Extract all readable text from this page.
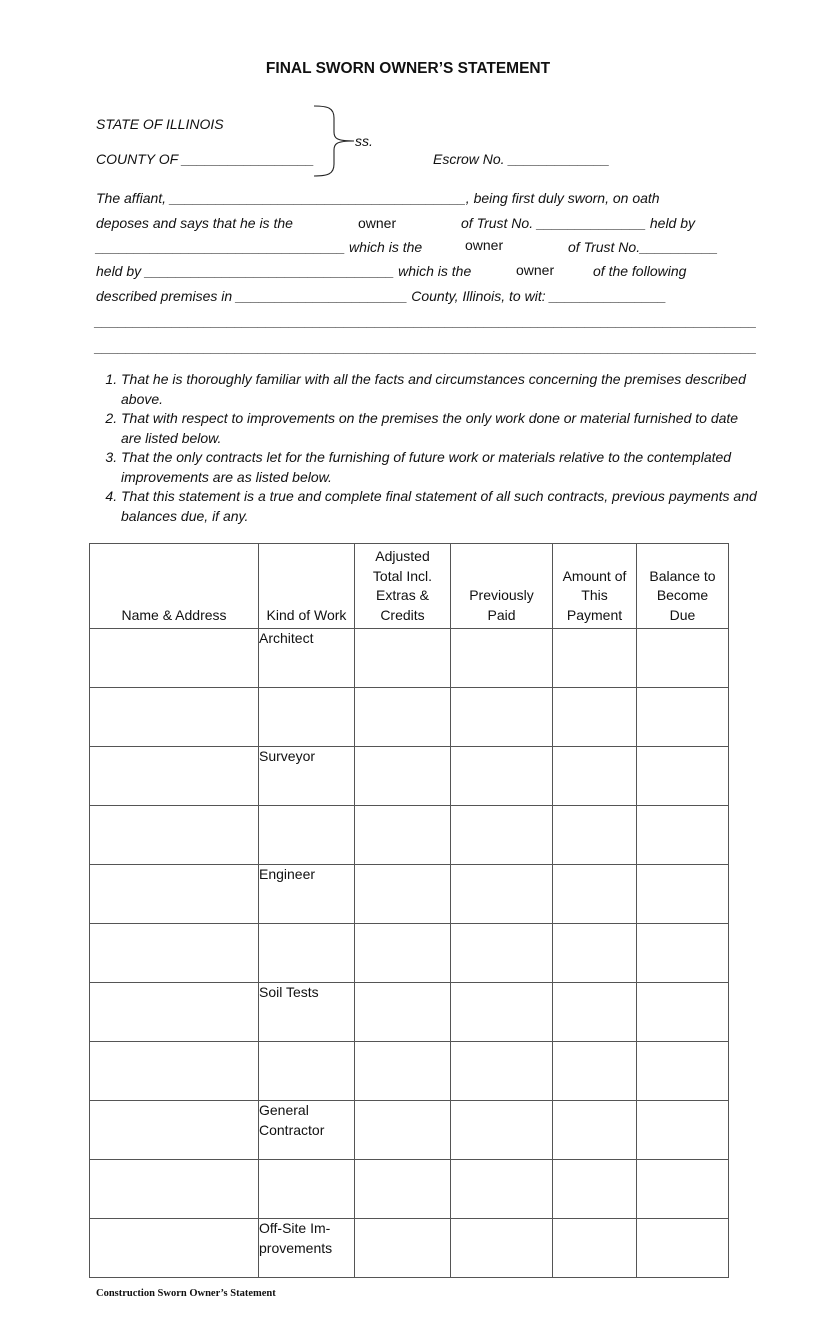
FINAL SWORN OWNER’S STATEMENT
STATE OF ILLINOIS
COUNTY OF _________________
ss.
Escrow No. _____________
The affiant, ______________________________________, being first duly sworn, on oath
deposes and says that he is the	owner	of Trust No. ______________ held by
________________________________ which is the	owner	of Trust No.__________
held by ________________________________ which is the	owner	of the following
described premises in ______________________ County, Illinois, to wit: _______________
_____________________________________________________________________________________
_____________________________________________________________________________________
1. That he is thoroughly familiar with all the facts and circumstances concerning the premises described above.
2. That with respect to improvements on the premises the only work done or material furnished to date are listed below.
3. That the only contracts let for the furnishing of future work or materials relative to the contemplated improvements are as listed below.
4. That this statement is a true and complete final statement of all such contracts, previous payments and balances due, if any.
Name & Address	Kind of Work	Adjusted Total Incl. Extras & Credits	Previously Paid	Amount of This Payment	Balance to Become Due
	Architect				

	Surveyor				

	Engineer				

	Soil Tests				

	General Contractor				

	Off-Site Im-provements				
Construction Sworn Owner’s Statement
